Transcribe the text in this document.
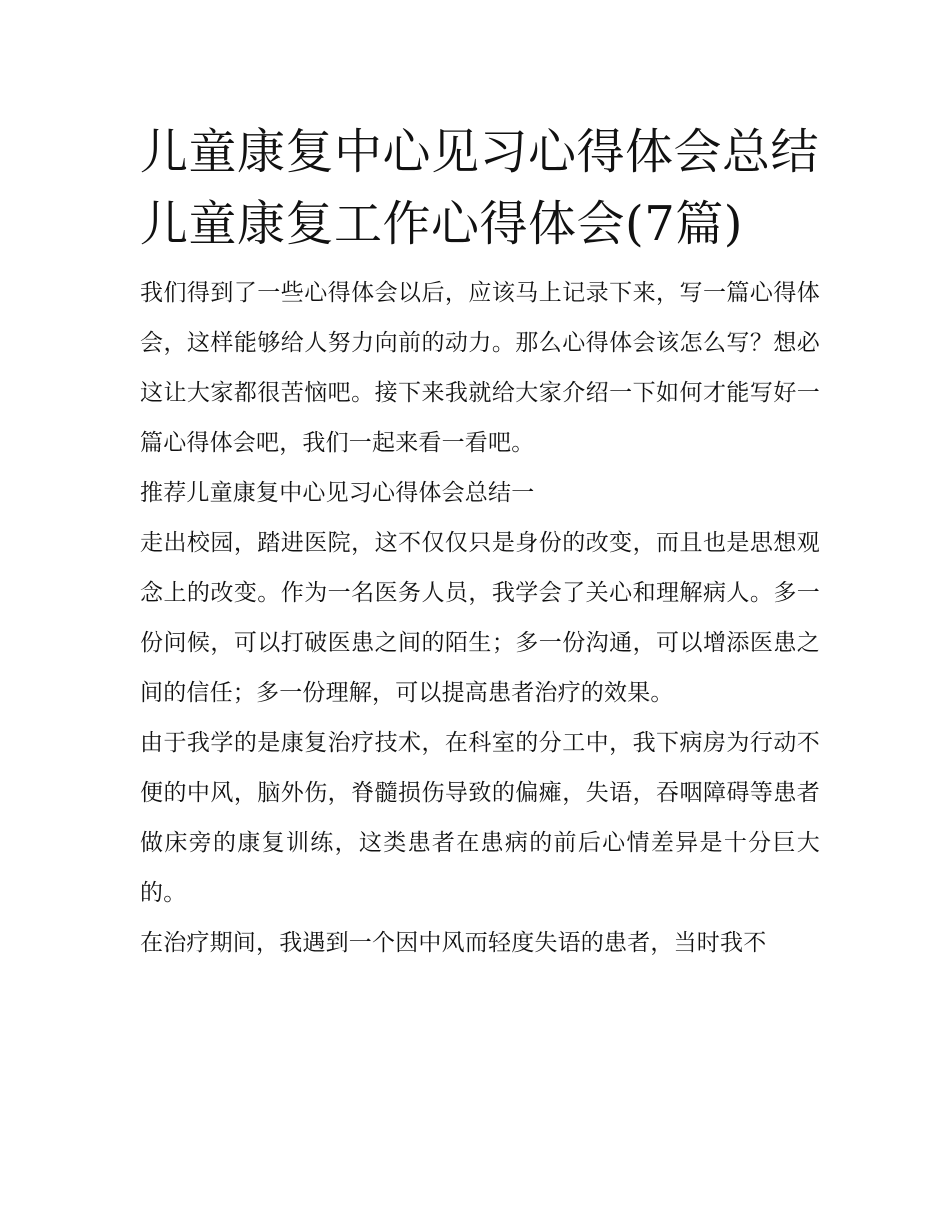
儿童康复中心见习心得体会总结 儿童康复工作心得体会(7篇)

我们得到了一些心得体会以后，应该马上记录下来，写一篇心得体会，这样能够给人努力向前的动力。那么心得体会该怎么写？想必这让大家都很苦恼吧。接下来我就给大家介绍一下如何才能写好一篇心得体会吧，我们一起来看一看吧。

推荐儿童康复中心见习心得体会总结一

走出校园，踏进医院，这不仅仅只是身份的改变，而且也是思想观念上的改变。作为一名医务人员，我学会了关心和理解病人。多一份问候，可以打破医患之间的陌生；多一份沟通，可以增添医患之间的信任；多一份理解，可以提高患者治疗的效果。

由于我学的是康复治疗技术，在科室的分工中，我下病房为行动不便的中风，脑外伤，脊髓损伤导致的偏瘫，失语，吞咽障碍等患者做床旁的康复训练，这类患者在患病的前后心情差异是十分巨大的。

在治疗期间，我遇到一个因中风而轻度失语的患者，当时我不
